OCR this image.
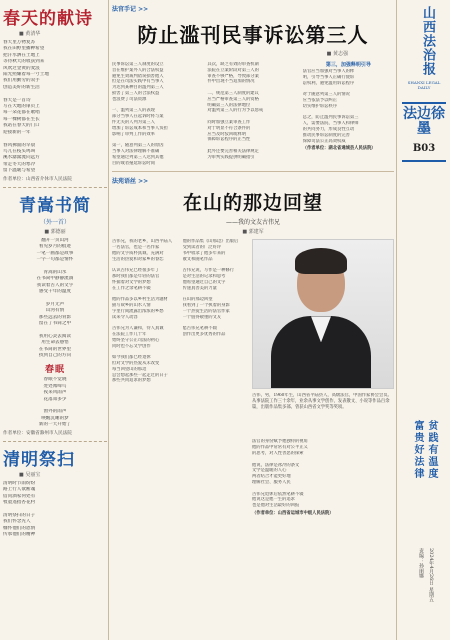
春天的献诗
■ 黄清华
春天里万物复苏
我在田野里播种希望
把汗水洒在土地上
等待秋天的收获到来
风吹过金黄的麦浪
阳光照耀着每一寸土地
我们用勤劳的双手
创造美好的新生活

春天是一首诗
写在大地的扉页上
每一朵花都在歌唱
每一棵树都在生长
我站在春天的门口
迎接新的一年

春风拂面的早晨
鸟儿在枝头鸣叫
溪水潺潺流向远方
带走冬天的寒冷
留下温暖与希望
作者单位：山西省介休市人民法院
青嵩书简
（外一首）
■ 郭德丽
翻开一页山河
看见岁月的痕迹
一笔一画都是故事
一字一句都是情怀

青嵩的山水
在书简中静静流淌
我读着古人的文字
感受千年的温度

岁月无声
山河有情
那些远去的背影
留在了书简之中

我用心灵去阅读
用生命去感悟
在书简的世界里
找到自己的方向
春眠
春眠不觉晓
处处闻啼鸟
夜来风雨声
花落知多少

窗外的雨声
唤醒沉睡的梦
新的一天开始了
作者单位：安徽省滁州市人民法院
清明祭扫
■ 吴丽宝
清明时节雨纷纷
路上行人欲断魂
借问酒家何处有
牧童遥指杏花村

清明祭扫的日子
我们怀念先人
缅怀他们的恩情
传承他们的精神
法官手记 >>
防止滥刊民事诉讼第三人
■ 黄志强
民事诉讼第三人制度的设立
旨在维护案外人的合法权益
避免生效裁判错误损害他人
但是在司法实践中有当事人
为达到某种目的滥列第三人
损害了第三人的合法权益
也浪费了司法资源

一、滥列第三人的表现
部分当事人在起诉时将与案
件无关的人列为第三人
增加了诉讼成本和当事人负担
影响了审判工作的效率

第一，随意列第三人的原因
当事人对法律理解不准确
希望通过列第三人达到其他
目的或者拖延诉讼时间
其次，缺乏有效的审查机制
法院在立案阶段对第三人的
审查不够严格，导致部分案
件中出现不当追加的情况

二、规范第三人制度的建议
应当严格审查第三人的资格
明确第三人的法律地位
对滥列第三人的行为予以惩戒

同时加强立案审查工作
对于明显不符合条件的
应当及时驳回或释明
保障诉讼程序的正当性

此外还要完善相关法律规定
为审判实践提供明确指引
第三，加强释明引导
法官应当加强对当事人的释
明，引导当事人正确行使诉
讼权利，避免滥用诉讼程序

对于随意列第三人的情况
应当依法予以纠正
切实维护诉讼秩序

总之，防止滥列民事诉讼第三
人，需要法院、当事人和律师
的共同努力，形成良性互动
推动民事诉讼制度的完善
保障司法公正高效权威
（作者单位：湖北省通城县人民法院）
法苑语丝 >>
在山的那边回望
——我的文友古伟兄
■ 郭建军
古伟兄，我的老乡，山西平陆人
一名法官，也是一名作家
他的文字质朴真诚，充满对
生活的热爱和对家乡的眷恋

认识古伟兄已经很多年了
那时我们都是年轻的法官
怀揣着对文学的梦想
在工作之余笔耕不辍

他的作品多以乡村生活为题材
描写故乡的山水人情
字里行间流露出浓浓的乡愁
读来令人动容

古伟兄为人谦和，待人真诚
在法院工作几十年
始终坚守公正司法的初心
同时也不忘文学创作

如今我们都已经退休
但对文学的热爱从未改变
每当回望山的那边
总会想起那些一起走过的日子
那些共同追求的梦想
他的作品集《山那边》出版后
受到读者的广泛好评
书中收录了他多年来的
散文和随笔作品

古伟兄说，写作是一种修行
是对生活的记录和思考
他希望通过自己的文字
传递真善美的力量

在山的那边回望
我看到了一个执着的身影
一个热爱生活的法官作家
一个值得敬重的文友

愿古伟兄笔耕不辍
创作出更多优秀的作品
古伟，男，1960年生，山西省平陆县人，高级法官，中国作家协会会员。从事法院工作三十余年，业余从事文学创作，发表散文、小说等作品百余篇，出版作品集多部。曾获山西省文学奖等奖项。
法官的身份赋予他独特的视角
他的作品中常常有对公平正义
的思考，对人性善恶的探索

他说，法律是冰冷的条文
文学是温暖的人心
两者结合才能更好地
理解社会、服务人民

古伟兄退休后依然笔耕不辍
他说这是他一生的追求
也是他对生活最好的回报
（作者单位：山西省运城市中级人民法院）
山西法治报
SHANXI LEGAL DAILY
法边徐墨
B03
富贵好法律 贫践有温度
责编：孙丽娜 2024年4月26日 星期五
